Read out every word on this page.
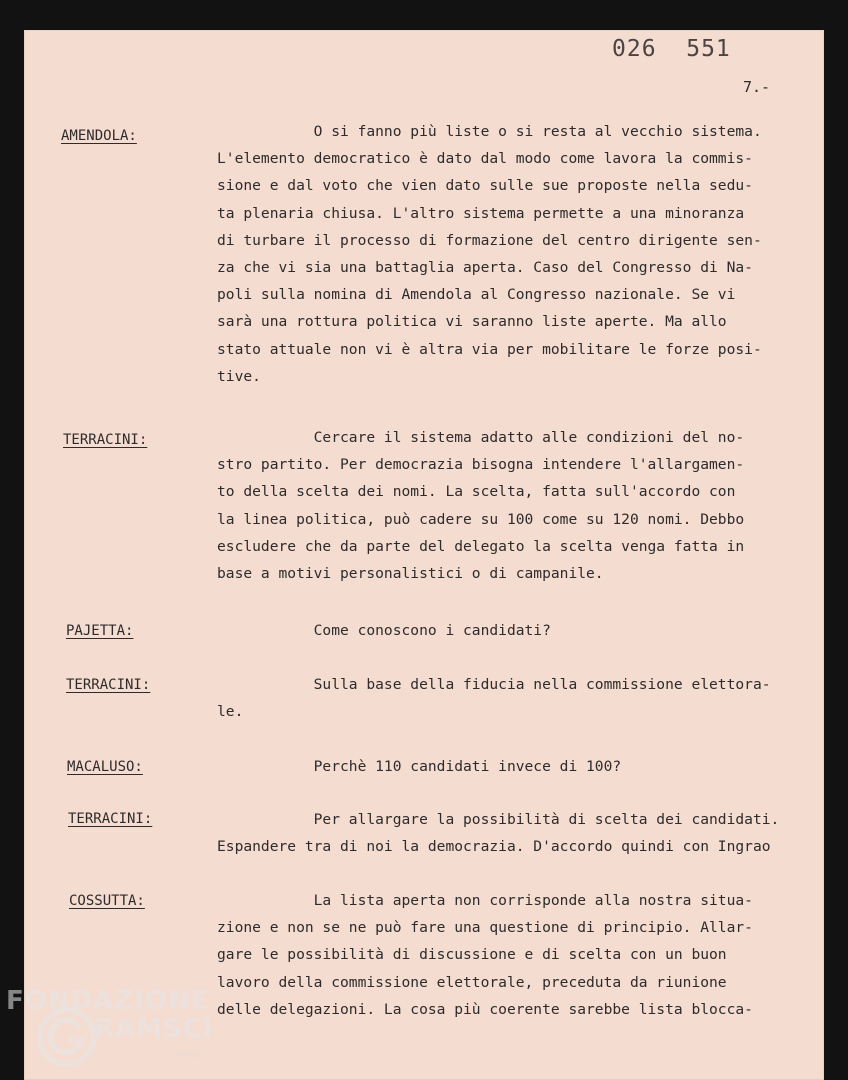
026  551
7.-
AMENDOLA:	O si fanno più liste o si resta al vecchio sistema.
L'elemento democratico è dato dal modo come lavora la commis-
sione e dal voto che vien dato sulle sue proposte nella sedu-
ta plenaria chiusa. L'altro sistema permette a una minoranza
di turbare il processo di formazione del centro dirigente sen-
za che vi sia una battaglia aperta. Caso del Congresso di Na-
poli sulla nomina di Amendola al Congresso nazionale. Se vi
sarà una rottura politica vi saranno liste aperte. Ma allo
stato attuale non vi è altra via per mobilitare le forze posi-
tive.
TERRACINI:	Cercare il sistema adatto alle condizioni del no-
stro partito. Per democrazia bisogna intendere l'allargamen-
to della scelta dei nomi. La scelta, fatta sull'accordo con
la linea politica, può cadere su 100 come su 120 nomi. Debbo
escludere che da parte del delegato la scelta venga fatta in
base a motivi personalistici o di campanile.
PAJETTA:	Come conoscono i candidati?
TERRACINI:	Sulla base della fiducia nella commissione elettora-
le.
MACALUSO:	Perchè 110 candidati invece di 100?
TERRACINI:	Per allargare la possibilità di scelta dei candidati.
Espandere tra di noi la democrazia. D'accordo quindi con Ingrao
COSSUTTA:	La lista aperta non corrisponde alla nostra situa-
zione e non se ne può fare una questione di principio. Allar-
gare le possibilità di discussione e di scelta con un buon
lavoro della commissione elettorale, preceduta da riunione
delle delegazioni. La cosa più coerente sarebbe lista blocca-
FONDAZIONE
RAMSCI
onlus
